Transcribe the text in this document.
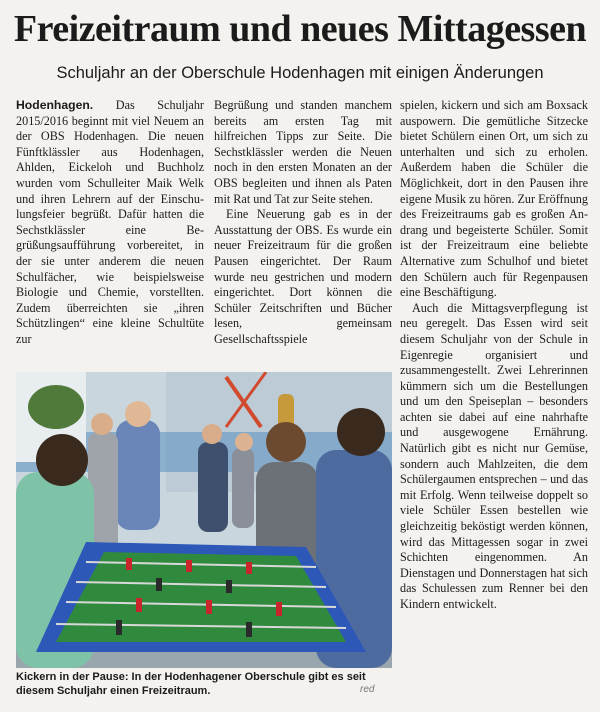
Freizeitraum und neues Mittagessen
Schuljahr an der Oberschule Hodenhagen mit einigen Änderungen

Hodenhagen. Das Schuljahr 2015/2016 beginnt mit viel Neuem an der OBS Hodenhagen. Die neuen Fünftklässler aus Hodenhagen, Ahlden, Eickeloh und Buchholz wurden vom Schulleiter Maik Welk und ihren Lehrern auf der Einschulungsfeier begrüßt. Dafür hatten die Sechstklässler eine Begrüßungsaufführung vorbereitet, in der sie unter anderem die neuen Schulfächer, wie beispielsweise Biologie und Chemie, vorstellten. Zudem überreichten sie „ihren Schützlingen“ eine kleine Schultüte zur

Begrüßung und standen manchem bereits am ersten Tag mit hilfreichen Tipps zur Seite. Die Sechstklässler werden die Neuen noch in den ersten Monaten an der OBS begleiten und ihnen als Paten mit Rat und Tat zur Seite stehen.

Eine Neuerung gab es in der Ausstattung der OBS. Es wurde ein neuer Freizeitraum für die großen Pausen eingerichtet. Der Raum wurde neu gestrichen und modern eingerichtet. Dort können die Schüler Zeitschriften und Bücher lesen, gemeinsam Gesellschaftsspiele

spielen, kickern und sich am Boxsack auspowern. Die gemütliche Sitzecke bietet Schülern einen Ort, um sich zu unterhalten und sich zu erholen. Außerdem haben die Schüler die Möglichkeit, dort in den Pausen ihre eigene Musik zu hören. Zur Eröffnung des Freizeitraums gab es großen Andrang und begeisterte Schüler. Somit ist der Freizeitraum eine beliebte Alternative zum Schulhof und bietet den Schülern auch für Regenpausen eine Beschäftigung.

Auch die Mittagsverpflegung ist neu geregelt. Das Essen wird seit diesem Schuljahr von der Schule in Eigenregie organisiert und zusammengestellt. Zwei Lehrerinnen kümmern sich um die Bestellungen und um den Speiseplan – besonders achten sie dabei auf eine nahrhafte und ausgewogene Ernährung. Natürlich gibt es nicht nur Gemüse, sondern auch Mahlzeiten, die dem Schülergaumen entsprechen – und das mit Erfolg. Wenn teilweise doppelt so viele Schüler Essen bestellen wie gleichzeitig beköstigt werden können, wird das Mittagessen sogar in zwei Schichten eingenommen. An Dienstagen und Donnerstagen hat sich das Schulessen zum Renner bei den Kindern entwickelt.

Kickern in der Pause: In der Hodenhagener Oberschule gibt es seit diesem Schuljahr einen Freizeitraum.	red
